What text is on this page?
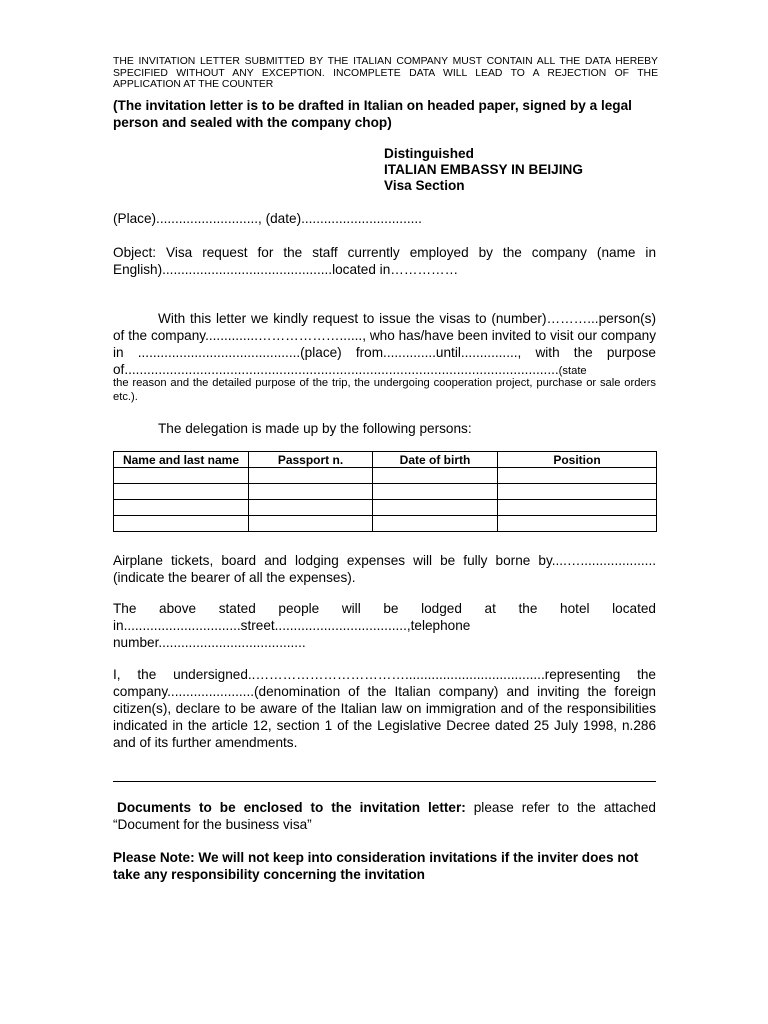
THE INVITATION LETTER SUBMITTED BY THE ITALIAN COMPANY MUST CONTAIN ALL THE DATA HEREBY SPECIFIED WITHOUT ANY EXCEPTION. INCOMPLETE DATA WILL LEAD TO A REJECTION OF THE APPLICATION AT THE COUNTER
(The invitation letter is to be drafted in Italian on headed paper, signed by a legal person and sealed with the company chop)
Distinguished
ITALIAN EMBASSY IN BEIJING
Visa Section
(Place)..........................., (date)................................
Object: Visa request for the staff currently employed by the company (name in English).............................................located in……………
With this letter we kindly request to issue the visas to (number)………...person(s) of the company..............………………......, who has/have been invited to visit our company in ...........................................(place) from..............until..............., with the purpose of...................................................................................................................(state
the reason and the detailed purpose of the trip, the undergoing cooperation project, purchase or sale orders etc.).
The delegation is made up by the following persons:
Name and last name	Passport n.	Date of birth	Position

Airplane tickets, board and lodging expenses will be fully borne by....…....................(indicate the bearer of all the expenses).
The above stated people will be lodged at the hotel located in...............................street...................................,telephone number.......................................
I, the undersigned..…………………………….....................................representing the company.......................(denomination of the Italian company) and inviting the foreign citizen(s), declare to be aware of the Italian law on immigration and of the responsibilities indicated in the article 12, section 1 of the Legislative Decree dated 25 July 1998, n.286 and of its further amendments.
Documents to be enclosed to the invitation letter: please refer to the attached “Document for the business visa”
Please Note: We will not keep into consideration invitations if the inviter does not take any responsibility concerning the invitation
